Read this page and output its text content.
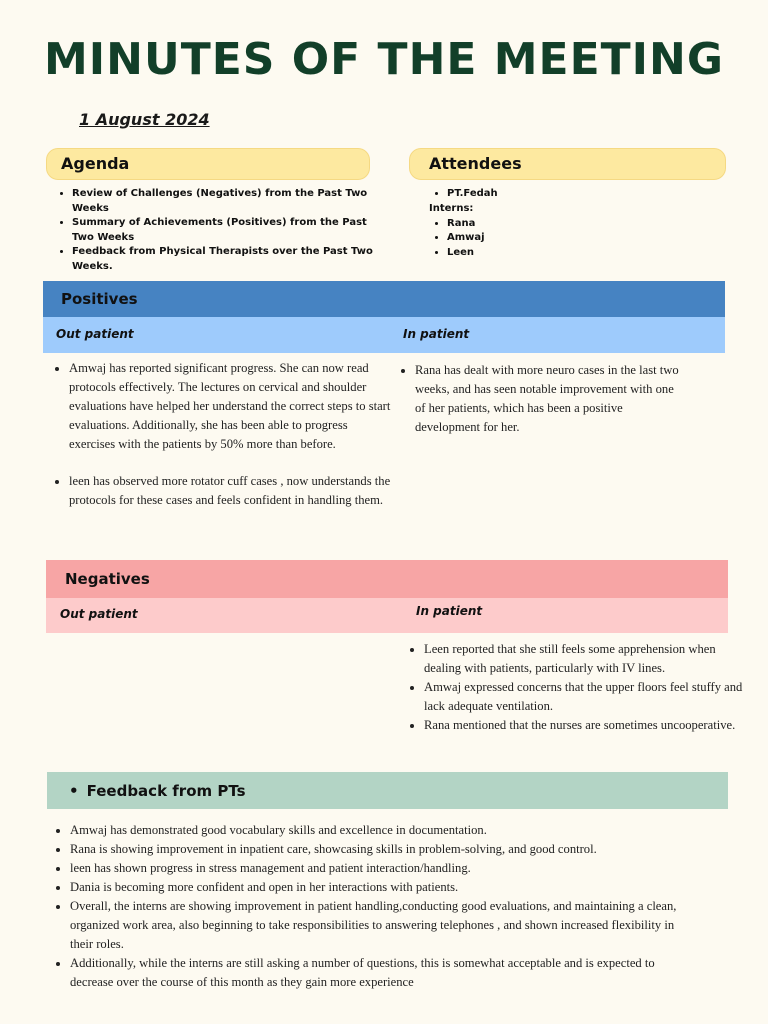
MINUTES OF THE MEETING
1 August 2024
Agenda
• Review of Challenges (Negatives) from the Past Two Weeks
• Summary of Achievements (Positives) from the Past Two Weeks
• Feedback from Physical Therapists over the Past Two Weeks.
Attendees
• PT.Fedah
Interns:
• Rana
• Amwaj
• Leen
Positives
Out patient	In patient
• Amwaj has reported significant progress. She can now read protocols effectively. The lectures on cervical and shoulder evaluations have helped her understand the correct steps to start evaluations. Additionally, she has been able to progress exercises with the patients by 50% more than before.
• leen has observed more rotator cuff cases , now understands the protocols for these cases and feels confident in handling them.
• Rana has dealt with more neuro cases in the last two weeks, and has seen notable improvement with one of her patients, which has been a positive development for her.
Negatives
Out patient	In patient
• Leen reported that she still feels some apprehension when dealing with patients, particularly with IV lines.
• Amwaj expressed concerns that the upper floors feel stuffy and lack adequate ventilation.
• Rana mentioned that the nurses are sometimes uncooperative.
• Feedback from PTs
• Amwaj has demonstrated good vocabulary skills and excellence in documentation.
• Rana is showing improvement in inpatient care, showcasing skills in problem-solving, and good control.
• leen has shown progress in stress management and patient interaction/handling.
• Dania is becoming more confident and open in her interactions with patients.
• Overall, the interns are showing improvement in patient handling,conducting good evaluations, and maintaining a clean, organized work area, also beginning to take responsibilities to answering telephones , and shown increased flexibility in their roles.
• Additionally, while the interns are still asking a number of questions, this is somewhat acceptable and is expected to decrease over the course of this month as they gain more experience
